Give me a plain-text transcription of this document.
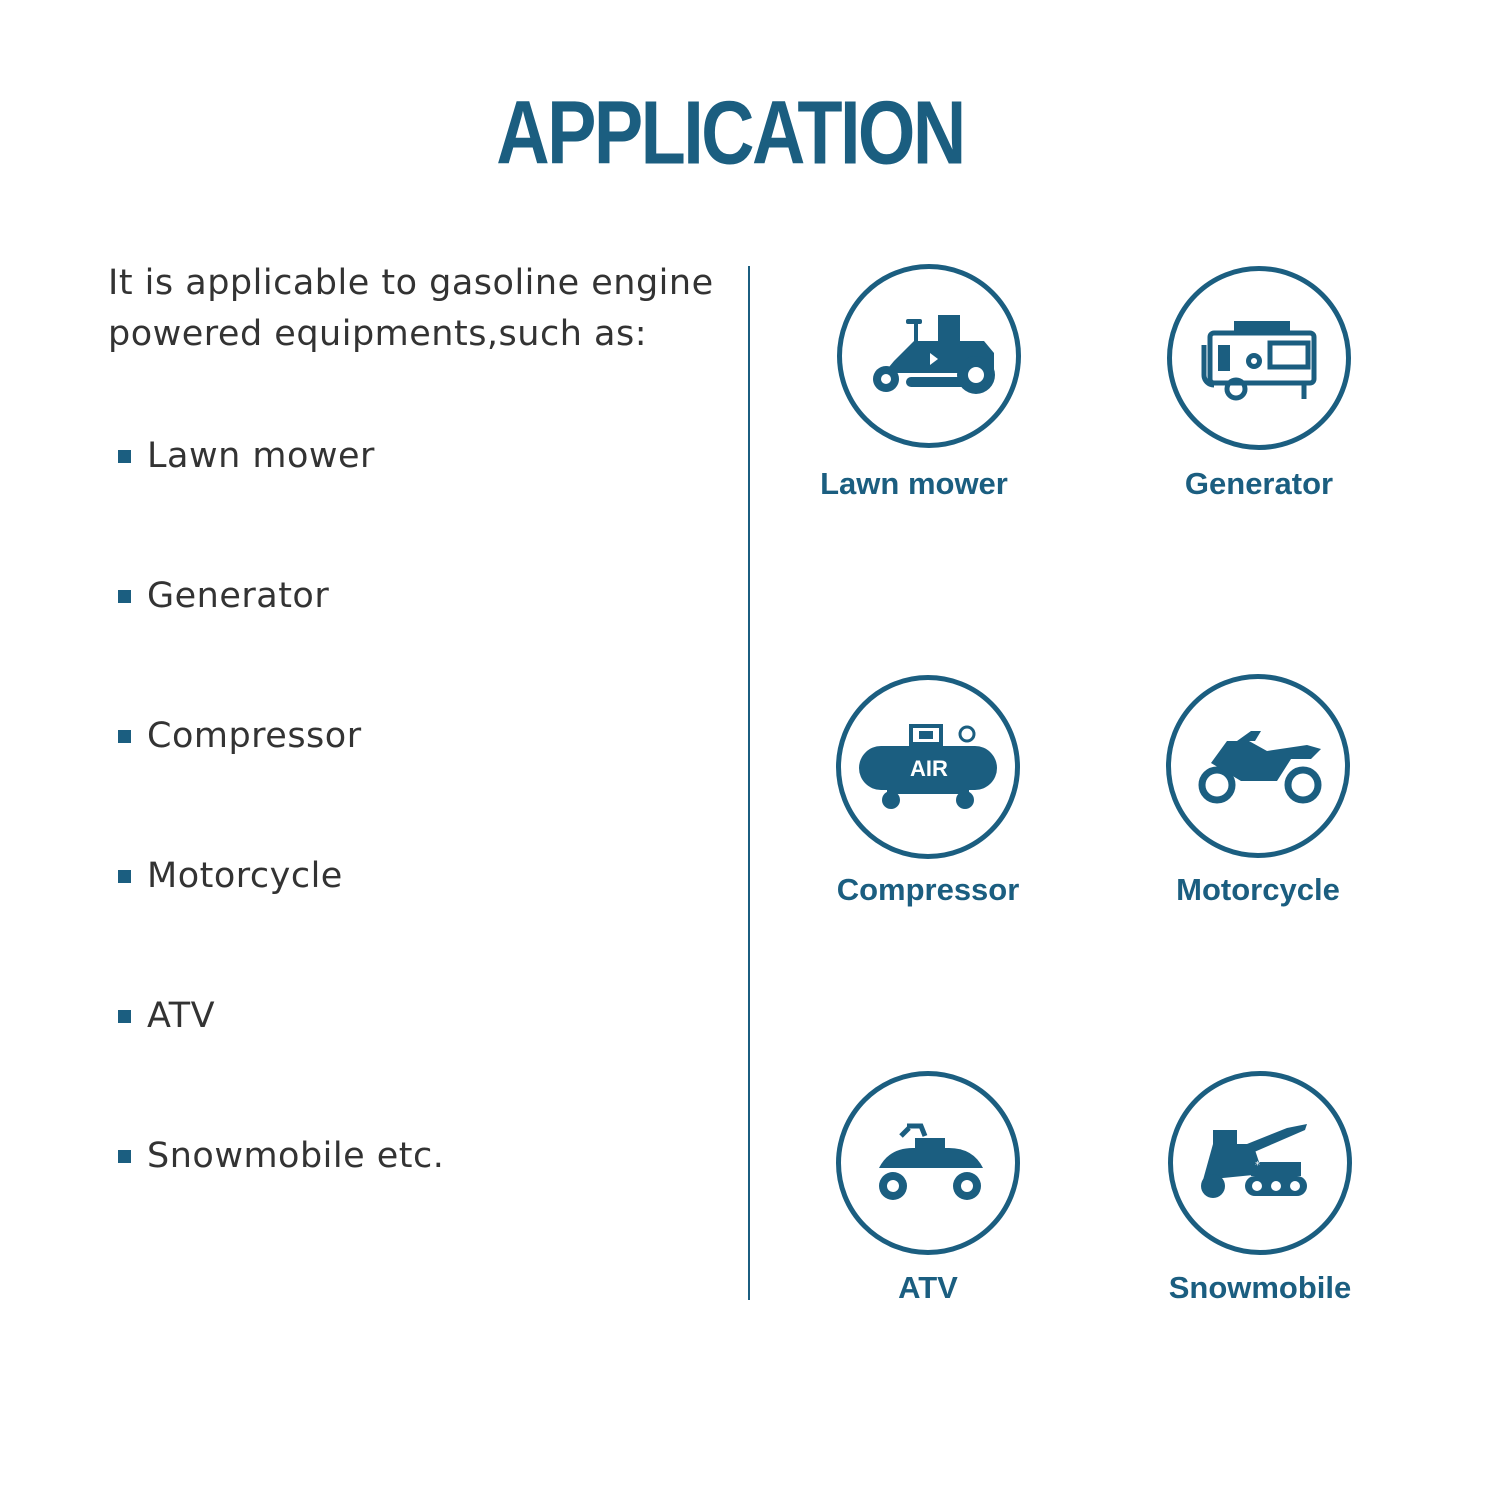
APPLICATION
It is applicable to gasoline engine
powered equipments,such as:
Lawn mower
Generator
Compressor
Motorcycle
ATV
Snowmobile etc.
Lawn mower	Generator
AIR
Compressor	Motorcycle
ATV
*
Snowmobile
